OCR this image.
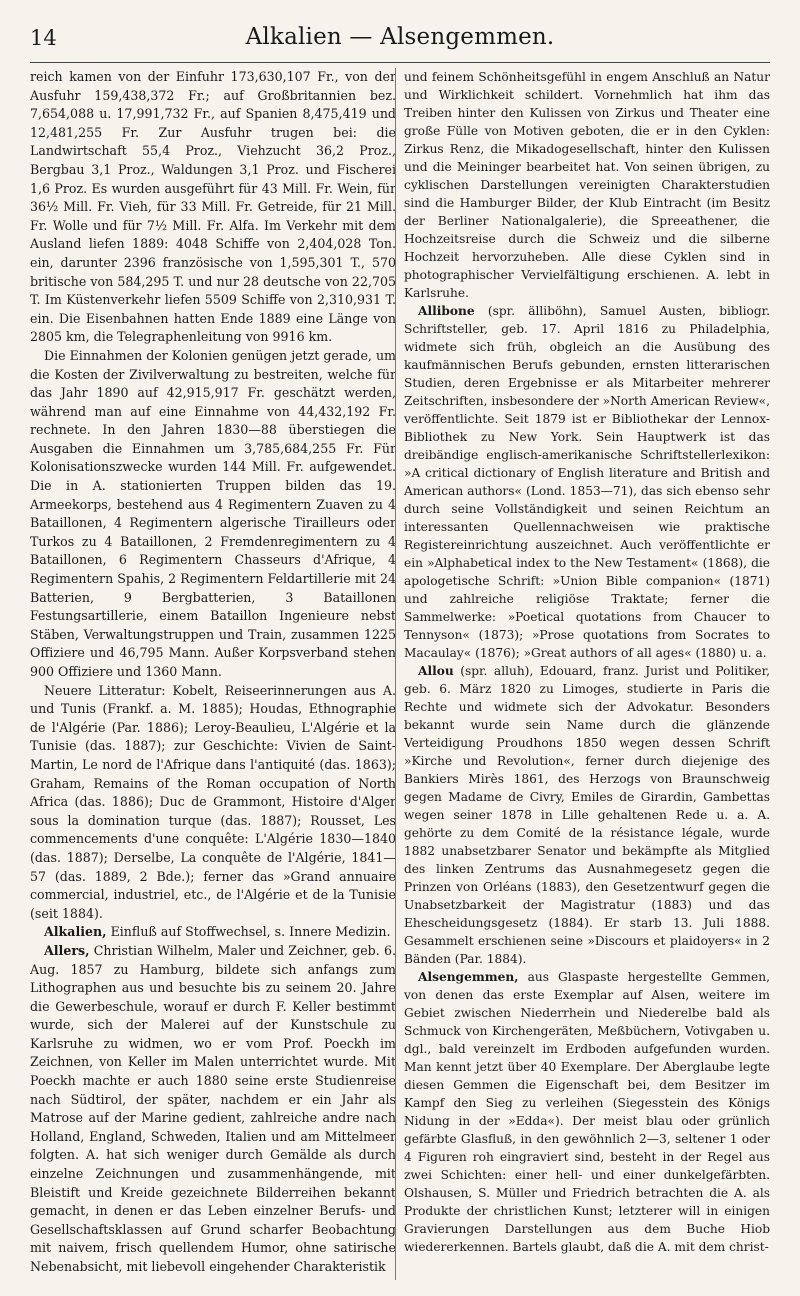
14	Alkalien — Alsengemmen.

reich kamen von der Einfuhr 173,630,107 Fr., von der Ausfuhr 159,438,372 Fr.; auf Großbritannien bez. 7,654,088 u. 17,991,732 Fr., auf Spanien 8,475,419 und 12,481,255 Fr. Zur Ausfuhr trugen bei: die Landwirtschaft 55,4 Proz., Viehzucht 36,2 Proz., Bergbau 3,1 Proz., Waldungen 3,1 Proz. und Fischerei 1,6 Proz. Es wurden ausgeführt für 43 Mill. Fr. Wein, für 36½ Mill. Fr. Vieh, für 33 Mill. Fr. Getreide, für 21 Mill. Fr. Wolle und für 7½ Mill. Fr. Alfa. Im Verkehr mit dem Ausland liefen 1889: 4048 Schiffe von 2,404,028 Ton. ein, darunter 2396 französische von 1,595,301 T., 570 britische von 584,295 T. und nur 28 deutsche von 22,705 T. Im Küstenverkehr liefen 5509 Schiffe von 2,310,931 T. ein. Die Eisenbahnen hatten Ende 1889 eine Länge von 2805 km, die Telegraphenleitung von 9916 km.

Die Einnahmen der Kolonien genügen jetzt gerade, um die Kosten der Zivilverwaltung zu bestreiten, welche für das Jahr 1890 auf 42,915,917 Fr. geschätzt werden, während man auf eine Einnahme von 44,432,192 Fr. rechnete. In den Jahren 1830—88 überstiegen die Ausgaben die Einnahmen um 3,785,684,255 Fr. Für Kolonisationszwecke wurden 144 Mill. Fr. aufgewendet. Die in A. stationierten Truppen bilden das 19. Armeekorps, bestehend aus 4 Regimentern Zuaven zu 4 Bataillonen, 4 Regimentern algerische Tirailleurs oder Turkos zu 4 Bataillonen, 2 Fremdenregimentern zu 4 Bataillonen, 6 Regimentern Chasseurs d'Afrique, 4 Regimentern Spahis, 2 Regimentern Feldartillerie mit 24 Batterien, 9 Bergbatterien, 3 Bataillonen Festungsartillerie, einem Bataillon Ingenieure nebst Stäben, Verwaltungstruppen und Train, zusammen 1225 Offiziere und 46,795 Mann. Außer Korpsverband stehen 900 Offiziere und 1360 Mann.

Neuere Litteratur: Kobelt, Reiseerinnerungen aus A. und Tunis (Frankf. a. M. 1885); Houdas, Ethnographie de l'Algérie (Par. 1886); Leroy-Beaulieu, L'Algérie et la Tunisie (das. 1887); zur Geschichte: Vivien de Saint-Martin, Le nord de l'Afrique dans l'antiquité (das. 1863); Graham, Remains of the Roman occupation of North Africa (das. 1886); Duc de Grammont, Histoire d'Alger sous la domination turque (das. 1887); Rousset, Les commencements d'une conquête: L'Algérie 1830—1840 (das. 1887); Derselbe, La conquête de l'Algérie, 1841—57 (das. 1889, 2 Bde.); ferner das »Grand annuaire commercial, industriel, etc., de l'Algérie et de la Tunisie (seit 1884).

Alkalien, Einfluß auf Stoffwechsel, s. Innere Medizin.

Allers, Christian Wilhelm, Maler und Zeichner, geb. 6. Aug. 1857 zu Hamburg, bildete sich anfangs zum Lithographen aus und besuchte bis zu seinem 20. Jahre die Gewerbeschule, worauf er durch F. Keller bestimmt wurde, sich der Malerei auf der Kunstschule zu Karlsruhe zu widmen, wo er vom Prof. Poeckh im Zeichnen, von Keller im Malen unterrichtet wurde. Mit Poeckh machte er auch 1880 seine erste Studienreise nach Südtirol, der später, nachdem er ein Jahr als Matrose auf der Marine gedient, zahlreiche andre nach Holland, England, Schweden, Italien und am Mittelmeer folgten. A. hat sich weniger durch Gemälde als durch einzelne Zeichnungen und zusammenhängende, mit Bleistift und Kreide gezeichnete Bilderreihen bekannt gemacht, in denen er das Leben einzelner Berufs- und Gesellschaftsklassen auf Grund scharfer Beobachtung mit naivem, frisch quellendem Humor, ohne satirische Nebenabsicht, mit liebevoll eingehender Charakteristik

und feinem Schönheitsgefühl in engem Anschluß an Natur und Wirklichkeit schildert. Vornehmlich hat ihm das Treiben hinter den Kulissen von Zirkus und Theater eine große Fülle von Motiven geboten, die er in den Cyklen: Zirkus Renz, die Mikadogesellschaft, hinter den Kulissen und die Meininger bearbeitet hat. Von seinen übrigen, zu cyklischen Darstellungen vereinigten Charakterstudien sind die Hamburger Bilder, der Klub Eintracht (im Besitz der Berliner Nationalgalerie), die Spreeathener, die Hochzeitsreise durch die Schweiz und die silberne Hochzeit hervorzuheben. Alle diese Cyklen sind in photographischer Vervielfältigung erschienen. A. lebt in Karlsruhe.

Allibone (spr. älliböhn), Samuel Austen, bibliogr. Schriftsteller, geb. 17. April 1816 zu Philadelphia, widmete sich früh, obgleich an die Ausübung des kaufmännischen Berufs gebunden, ernsten litterarischen Studien, deren Ergebnisse er als Mitarbeiter mehrerer Zeitschriften, insbesondere der »North American Review«, veröffentlichte. Seit 1879 ist er Bibliothekar der Lennox-Bibliothek zu New York. Sein Hauptwerk ist das dreibändige englisch-amerikanische Schriftstellerlexikon: »A critical dictionary of English literature and British and American authors« (Lond. 1853—71), das sich ebenso sehr durch seine Vollständigkeit und seinen Reichtum an interessanten Quellennachweisen wie praktische Registereinrichtung auszeichnet. Auch veröffentlichte er ein »Alphabetical index to the New Testament« (1868), die apologetische Schrift: »Union Bible companion« (1871) und zahlreiche religiöse Traktate; ferner die Sammelwerke: »Poetical quotations from Chaucer to Tennyson« (1873); »Prose quotations from Socrates to Macaulay« (1876); »Great authors of all ages« (1880) u. a.

Allou (spr. alluh), Edouard, franz. Jurist und Politiker, geb. 6. März 1820 zu Limoges, studierte in Paris die Rechte und widmete sich der Advokatur. Besonders bekannt wurde sein Name durch die glänzende Verteidigung Proudhons 1850 wegen dessen Schrift »Kirche und Revolution«, ferner durch diejenige des Bankiers Mirès 1861, des Herzogs von Braunschweig gegen Madame de Civry, Emiles de Girardin, Gambettas wegen seiner 1878 in Lille gehaltenen Rede u. a. A. gehörte zu dem Comité de la résistance légale, wurde 1882 unabsetzbarer Senator und bekämpfte als Mitglied des linken Zentrums das Ausnahmegesetz gegen die Prinzen von Orléans (1883), den Gesetzentwurf gegen die Unabsetzbarkeit der Magistratur (1883) und das Ehescheidungsgesetz (1884). Er starb 13. Juli 1888. Gesammelt erschienen seine »Discours et plaidoyers« in 2 Bänden (Par. 1884).

Alsengemmen, aus Glaspaste hergestellte Gemmen, von denen das erste Exemplar auf Alsen, weitere im Gebiet zwischen Niederrhein und Niederelbe bald als Schmuck von Kirchengeräten, Meßbüchern, Votivgaben u. dgl., bald vereinzelt im Erdboden aufgefunden wurden. Man kennt jetzt über 40 Exemplare. Der Aberglaube legte diesen Gemmen die Eigenschaft bei, dem Besitzer im Kampf den Sieg zu verleihen (Siegesstein des Königs Nidung in der »Edda«). Der meist blau oder grünlich gefärbte Glasfluß, in den gewöhnlich 2—3, seltener 1 oder 4 Figuren roh eingraviert sind, besteht in der Regel aus zwei Schichten: einer hell- und einer dunkelgefärbten. Olshausen, S. Müller und Friedrich betrachten die A. als Produkte der christlichen Kunst; letzterer will in einigen Gravierungen Darstellungen aus dem Buche Hiob wiedererkennen. Bartels glaubt, daß die A. mit dem christ-
